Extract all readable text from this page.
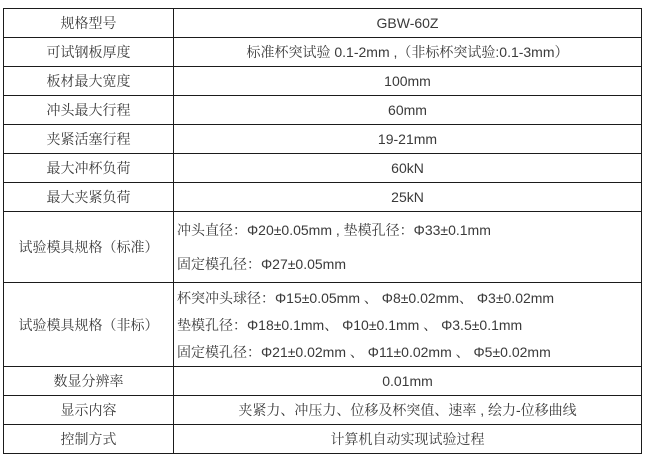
规格型号	GBW-60Z
可试钢板厚度	标准杯突试验 0.1-2mm ,（非标杯突试验:0.1-3mm）
板材最大宽度	100mm
冲头最大行程	60mm
夹紧活塞行程	19-21mm
最大冲杯负荷	60kN
最大夹紧负荷	25kN
试验模具规格（标准）	冲头直径：Φ20±0.05mm , 垫模孔径：Φ33±0.1mm
固定模孔径：Φ27±0.05mm

试验模具规格（非标）	杯突冲头球径：Φ15±0.05mm 、 Φ8±0.02mm、 Φ3±0.02mm
垫模孔径：Φ18±0.1mm、 Φ10±0.1mm 、 Φ3.5±0.1mm
固定模孔径：Φ21±0.02mm 、 Φ11±0.02mm 、 Φ5±0.02mm

数显分辨率	0.01mm
显示内容	夹紧力、冲压力、位移及杯突值、速率 , 绘力-位移曲线
控制方式	计算机自动实现试验过程
